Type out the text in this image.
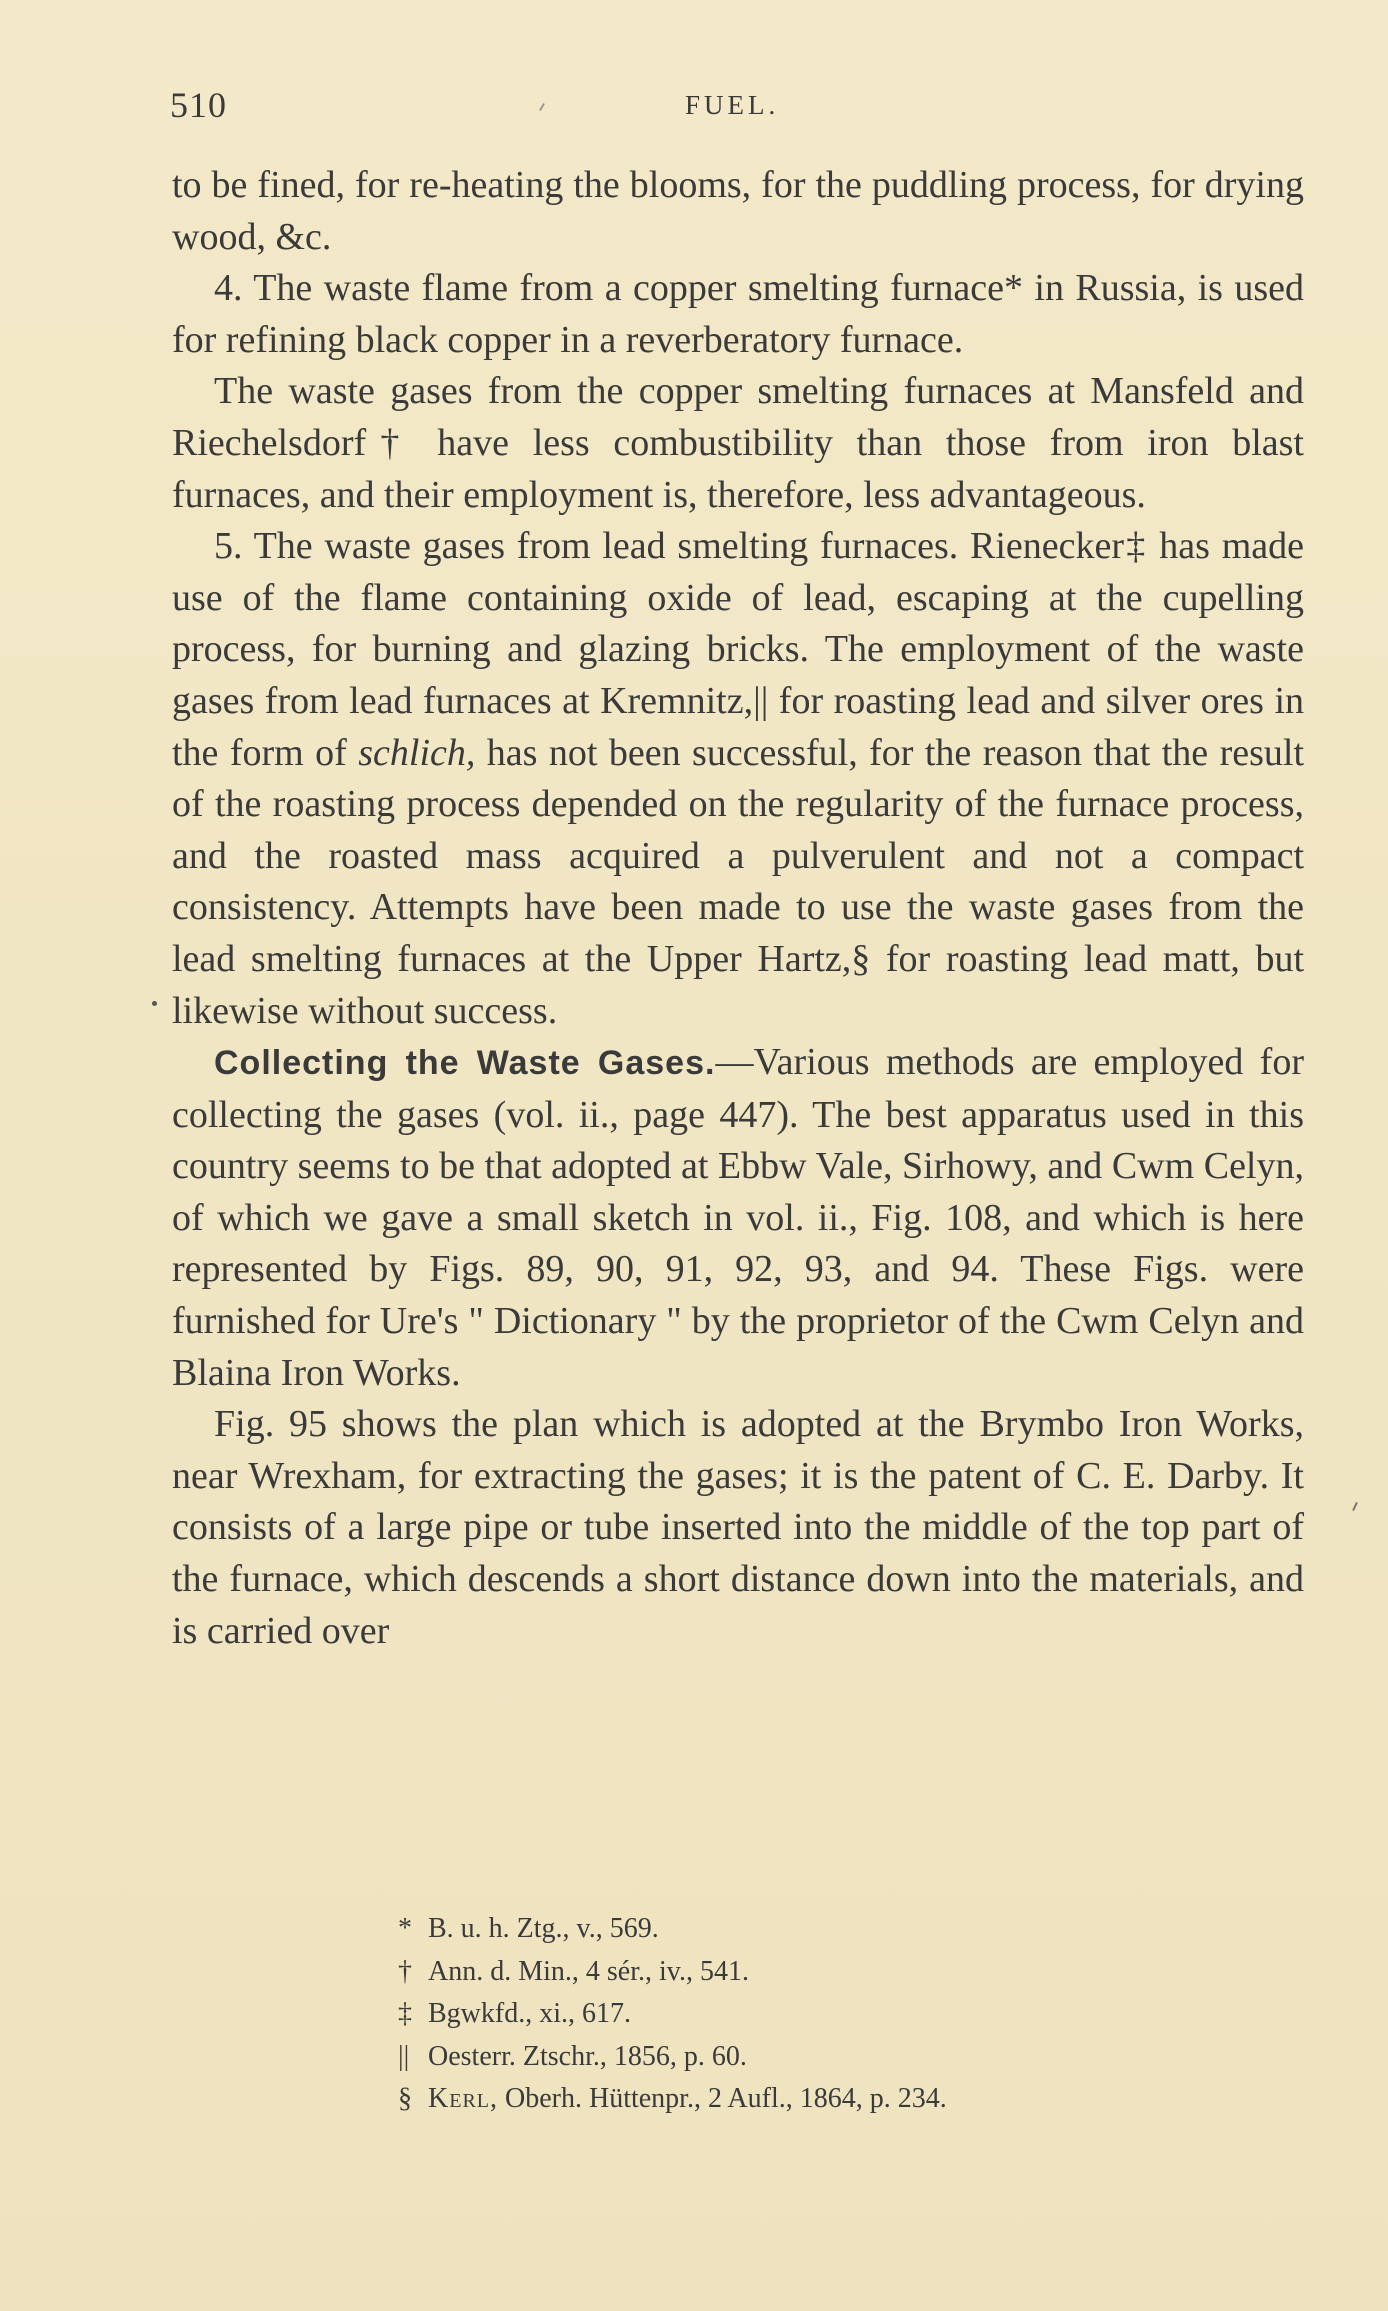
510	FUEL.

to be fined, for re-heating the blooms, for the puddling process, for drying wood, &c.

4. The waste flame from a copper smelting furnace* in Russia, is used for refining black copper in a reverberatory furnace.

The waste gases from the copper smelting furnaces at Mansfeld and Riechelsdorf† have less combustibility than those from iron blast furnaces, and their employment is, therefore, less advantageous.

5. The waste gases from lead smelting furnaces. Rienecker‡ has made use of the flame containing oxide of lead, escaping at the cupelling process, for burning and glazing bricks. The employment of the waste gases from lead furnaces at Kremnitz,|| for roasting lead and silver ores in the form of schlich, has not been successful, for the reason that the result of the roasting process depended on the regularity of the furnace process, and the roasted mass acquired a pulverulent and not a compact consistency. Attempts have been made to use the waste gases from the lead smelting furnaces at the Upper Hartz,§ for roasting lead matt, but likewise without success.

Collecting the Waste Gases.—Various methods are employed for collecting the gases (vol. ii., page 447). The best apparatus used in this country seems to be that adopted at Ebbw Vale, Sirhowy, and Cwm Celyn, of which we gave a small sketch in vol. ii., Fig. 108, and which is here represented by Figs. 89, 90, 91, 92, 93, and 94. These Figs. were furnished for Ure's " Dictionary " by the proprietor of the Cwm Celyn and Blaina Iron Works.

Fig. 95 shows the plan which is adopted at the Brymbo Iron Works, near Wrexham, for extracting the gases; it is the patent of C. E. Darby. It consists of a large pipe or tube inserted into the middle of the top part of the furnace, which descends a short distance down into the materials, and is carried over

* B. u. h. Ztg., v., 569.
† Ann. d. Min., 4 sér., iv., 541.
‡ Bgwkfd., xi., 617.
|| Oesterr. Ztschr., 1856, p. 60.
§ Kerl, Oberh. Hüttenpr., 2 Aufl., 1864, p. 234.
